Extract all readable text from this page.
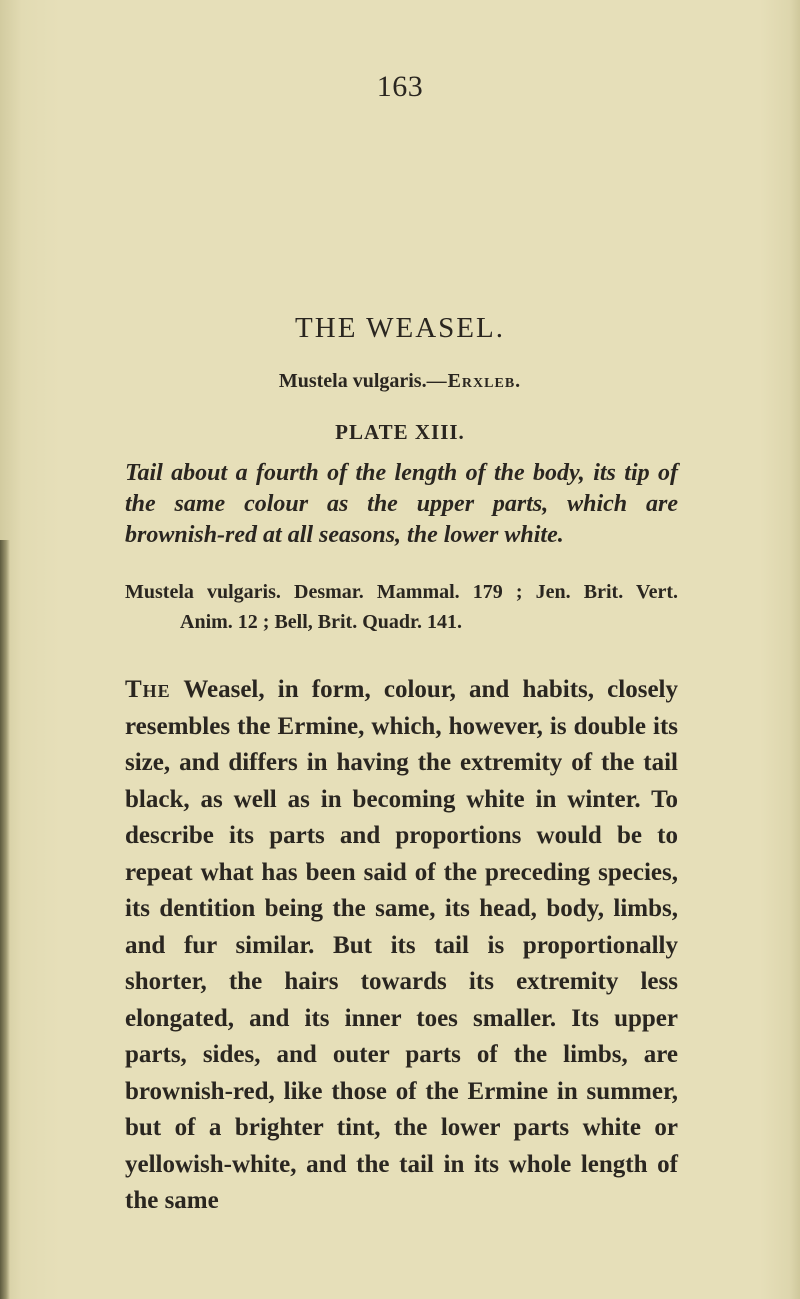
163
THE WEASEL.
Mustela vulgaris.—Erxleb.
PLATE XIII.

Tail about a fourth of the length of the body, its tip of the same colour as the upper parts, which are brownish-red at all seasons, the lower white.

Mustela vulgaris. Desmar. Mammal. 179 ; Jen. Brit. Vert.
Anim. 12 ; Bell, Brit. Quadr. 141.

The Weasel, in form, colour, and habits, closely resembles the Ermine, which, however, is double its size, and differs in having the extremity of the tail black, as well as in becoming white in winter. To describe its parts and proportions would be to repeat what has been said of the preceding species, its dentition being the same, its head, body, limbs, and fur similar. But its tail is proportionally shorter, the hairs towards its extremity less elongated, and its inner toes smaller. Its upper parts, sides, and outer parts of the limbs, are brownish-red, like those of the Ermine in summer, but of a brighter tint, the lower parts white or yellowish-white, and the tail in its whole length of the same
